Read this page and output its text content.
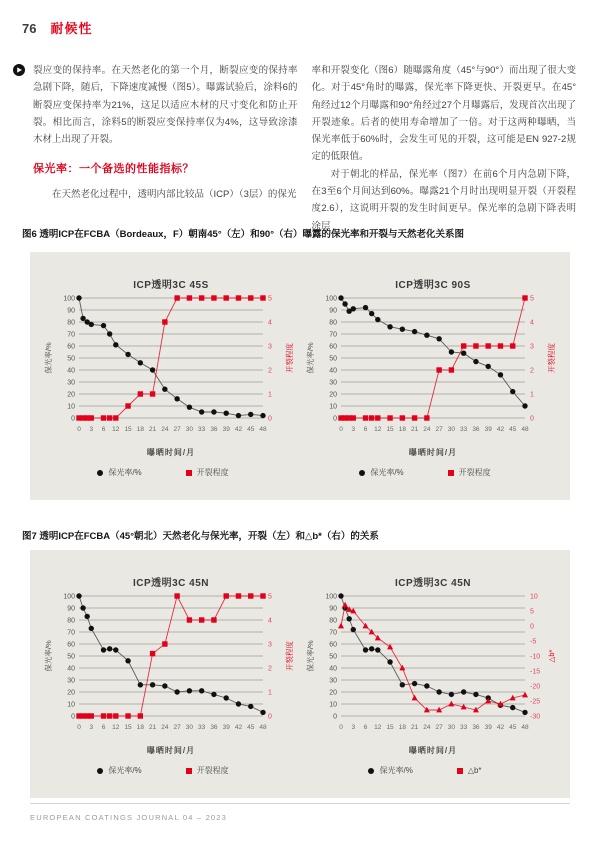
76 耐候性

裂应变的保持率。在天然老化的第一个月，断裂应变的保持率急剧下降，随后，下降速度减慢（图5）。曝露试验后，涂料6的断裂应变保持率为21%，这足以适应木材的尺寸变化和防止开裂。相比而言，涂料5的断裂应变保持率仅为4%，这导致涂漆木材上出现了开裂。

保光率：一个备选的性能指标？

在天然老化过程中，透明内部比较品（ICP）（3层）的保光

率和开裂变化（图6）随曝露角度（45°与90°）而出现了很大变化。对于45°角时的曝露，保光率下降更快、开裂更早。在45°角经过12个月曝露和90°角经过27个月曝露后，发现首次出现了开裂迹象。后者的使用寿命增加了一倍。对于这两种曝晒，当保光率低于60%时，会发生可见的开裂，这可能是EN 927-2规定的低限值。

对于朝北的样品，保光率（图7）在前6个月内急剧下降，在3至6个月间达到60%。曝露21个月时出现明显开裂（开裂程度2.6），这说明开裂的发生时间更早。保光率的急剧下降表明涂层

图6 透明ICP在FCBA（Bordeaux，F）朝南45°（左）和90°（右）曝露的保光率和开裂与天然老化关系图
ICP透明3C 45S
0
10
20
30
40
50
60
70
80
90
100
0
1
2
3
4
5
0 3 6 12 15 18 21 24 27 30 33 36 39 42 45 48
保光率/%	开裂程度
曝晒时间/月
保光率/%	开裂程度
ICP透明3C 90S
0
10
20
30
40
50
60
70
80
90
100
0
1
2
3
4
5
0 3 6 12 15 18 21 24 27 30 33 36 39 42 45 48
保光率/%	开裂程度
曝晒时间/月
保光率/%	开裂程度
图7 透明ICP在FCBA（45°朝北）天然老化与保光率，开裂（左）和△b*（右）的关系
ICP透明3C 45N
0
10
20
30
40
50
60
70
80
90
100
0
1
2
3
4
5
0 3 6 12 15 18 21 24 27 30 33 36 39 42 45 48
保光率/%	开裂程度
曝晒时间/月
保光率/%	开裂程度
ICP透明3C 45N
0
10
20
30
40
50
60
70
80
90
100	10
5
0
-5
-10
-15
-20
-25
-30
0 3 6 12 15 18 21 24 27 30 33 36 39 42 45 48
保光率/%	△b*
曝晒时间/月
保光率/%	△b*
EUROPEAN COATINGS JOURNAL 04 – 2023
